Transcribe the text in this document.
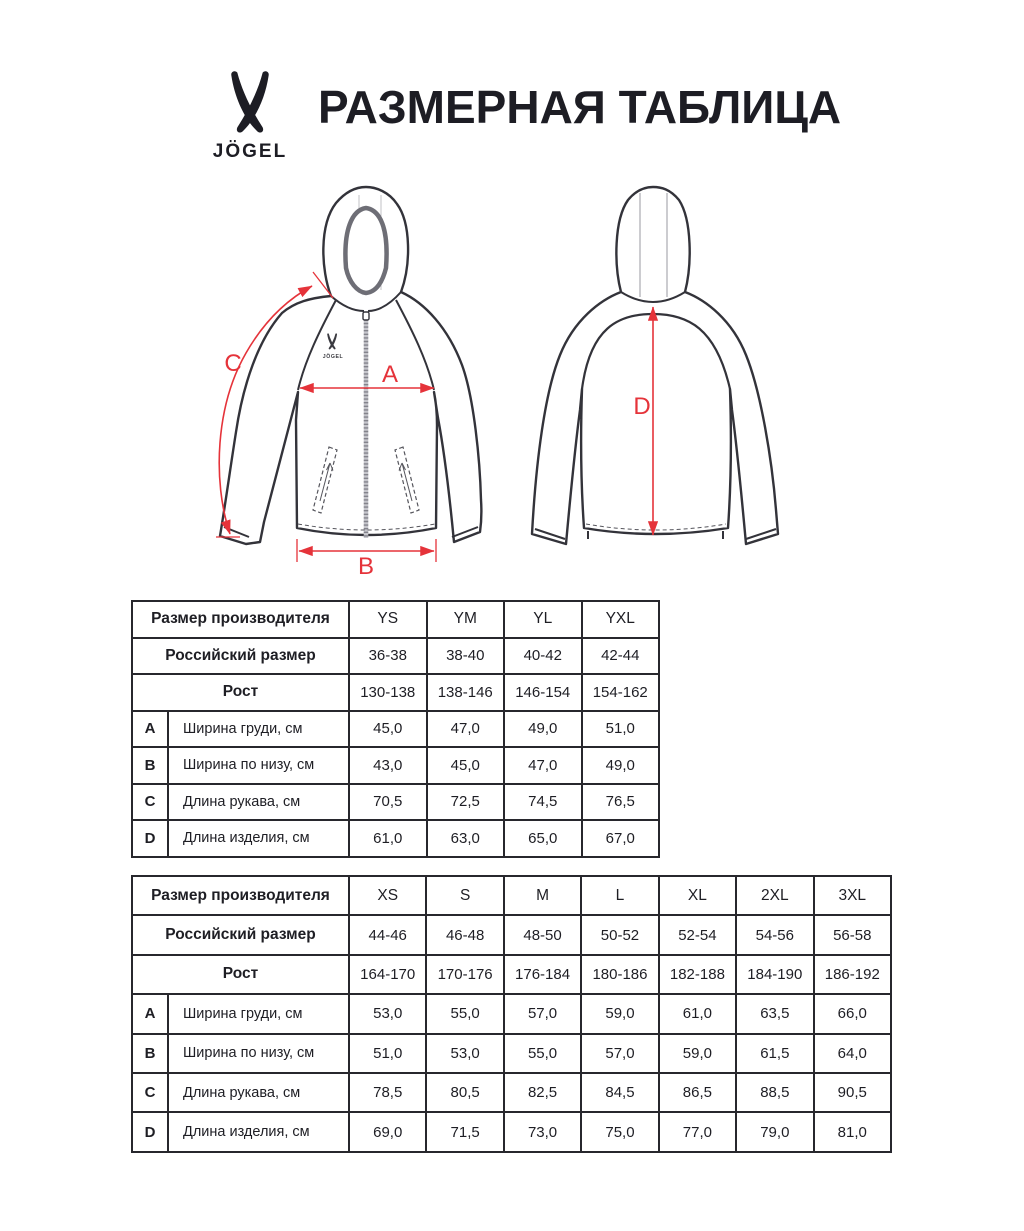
JÖGEL
РАЗМЕРНАЯ ТАБЛИЦА
JÖGEL
A
B
C
D
Размер производителя		YS	YM	YL	YXL
Российский размер		36-38	38-40	40-42	42-44
Рост		130-138	138-146	146-154	154-162
A	Ширина груди, см	45,0	47,0	49,0	51,0
B	Ширина по низу, см	43,0	45,0	47,0	49,0
C	Длина рукава, см	70,5	72,5	74,5	76,5
D	Длина изделия, см	61,0	63,0	65,0	67,0
Размер производителя		XS	S	M	L	XL	2XL	3XL
Российский размер		44-46	46-48	48-50	50-52	52-54	54-56	56-58
Рост		164-170	170-176	176-184	180-186	182-188	184-190	186-192
A	Ширина груди, см	53,0	55,0	57,0	59,0	61,0	63,5	66,0
B	Ширина по низу, см	51,0	53,0	55,0	57,0	59,0	61,5	64,0
C	Длина рукава, см	78,5	80,5	82,5	84,5	86,5	88,5	90,5
D	Длина изделия, см	69,0	71,5	73,0	75,0	77,0	79,0	81,0
